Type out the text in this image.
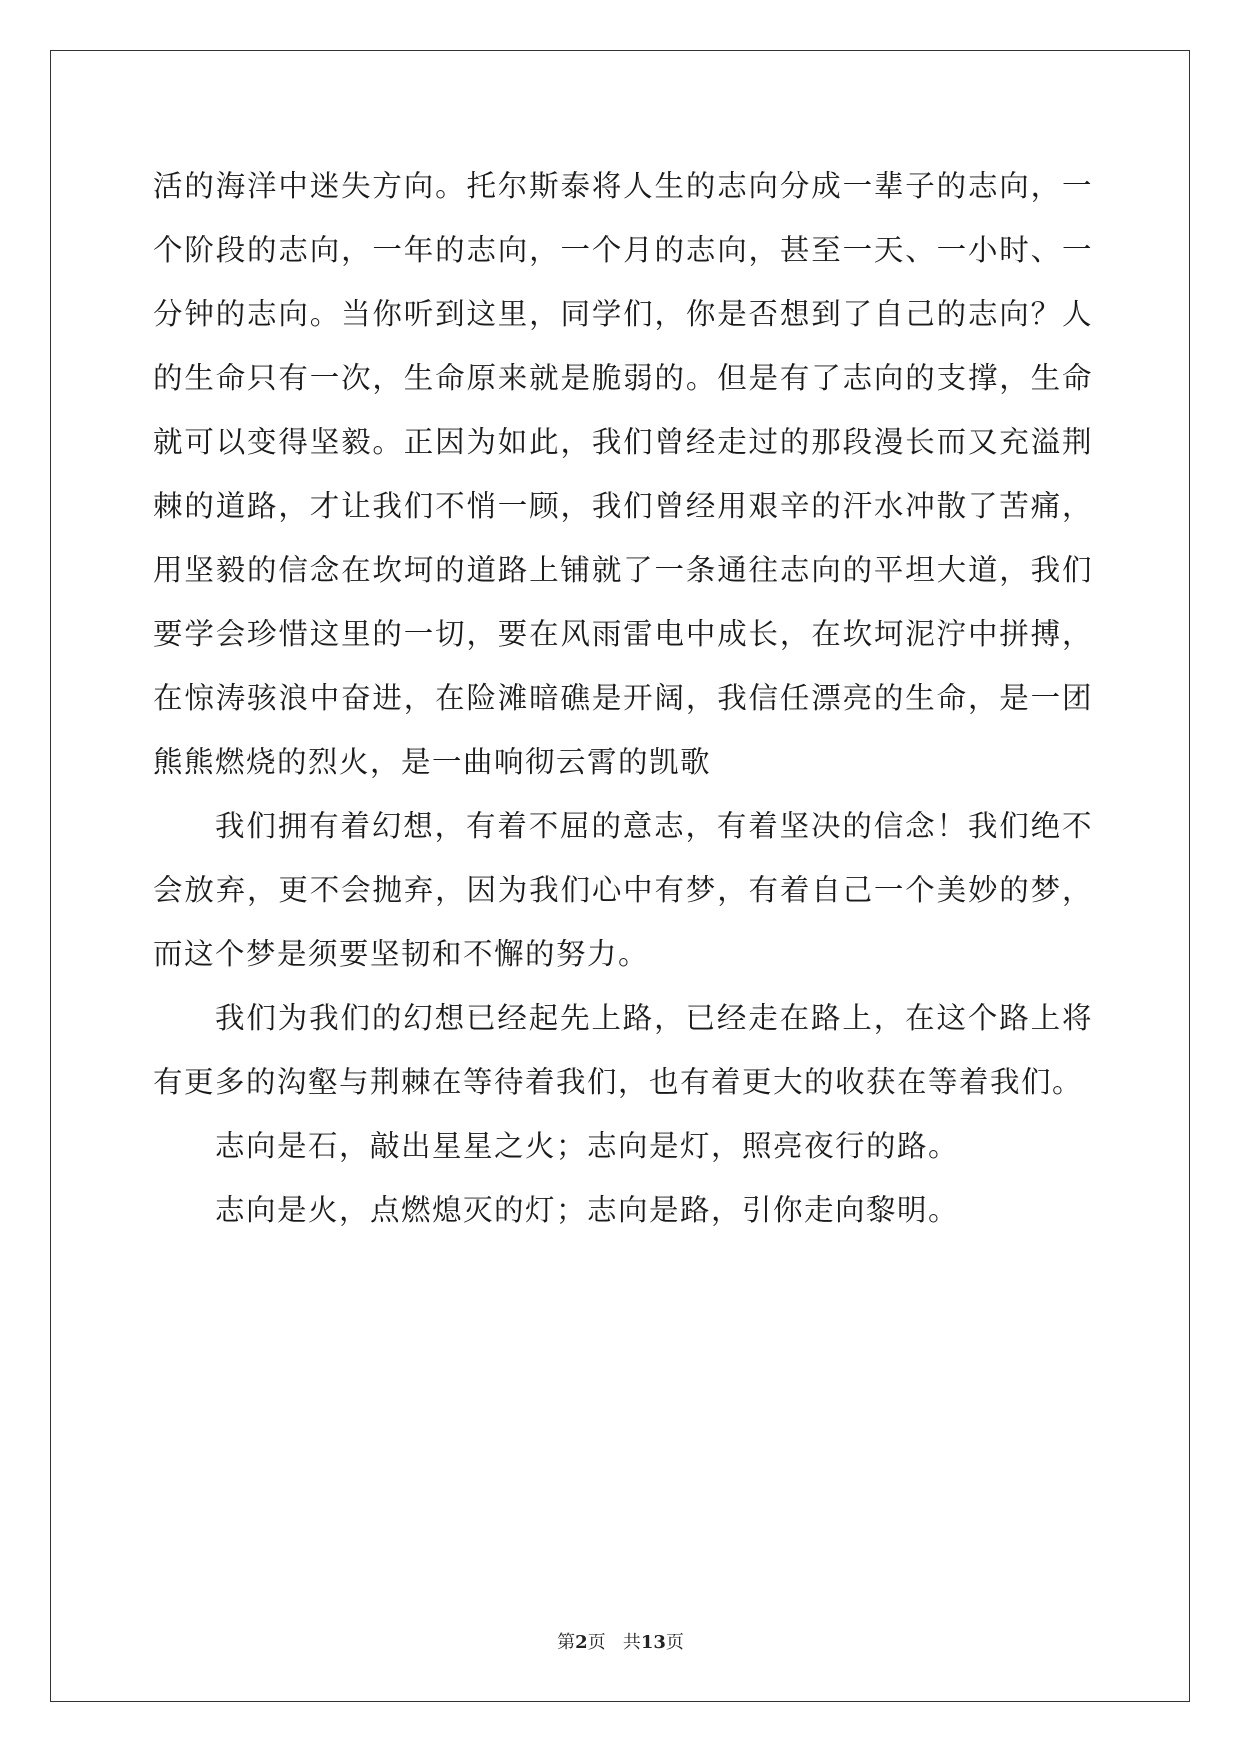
活的海洋中迷失方向。托尔斯泰将人生的志向分成一辈子的志向，一个阶段的志向，一年的志向，一个月的志向，甚至一天、一小时、一分钟的志向。当你听到这里，同学们，你是否想到了自己的志向？人的生命只有一次，生命原来就是脆弱的。但是有了志向的支撑，生命就可以变得坚毅。正因为如此，我们曾经走过的那段漫长而又充溢荆棘的道路，才让我们不悄一顾，我们曾经用艰辛的汗水冲散了苦痛，用坚毅的信念在坎坷的道路上铺就了一条通往志向的平坦大道，我们要学会珍惜这里的一切，要在风雨雷电中成长，在坎坷泥泞中拼搏，在惊涛骇浪中奋进，在险滩暗礁是开阔，我信任漂亮的生命，是一团熊熊燃烧的烈火，是一曲响彻云霄的凯歌

我们拥有着幻想，有着不屈的意志，有着坚决的信念！我们绝不会放弃，更不会抛弃，因为我们心中有梦，有着自己一个美妙的梦，而这个梦是须要坚韧和不懈的努力。

我们为我们的幻想已经起先上路，已经走在路上，在这个路上将有更多的沟壑与荆棘在等待着我们，也有着更大的收获在等着我们。

志向是石，敲出星星之火；志向是灯，照亮夜行的路。

志向是火，点燃熄灭的灯；志向是路，引你走向黎明。

第2页 共13页
